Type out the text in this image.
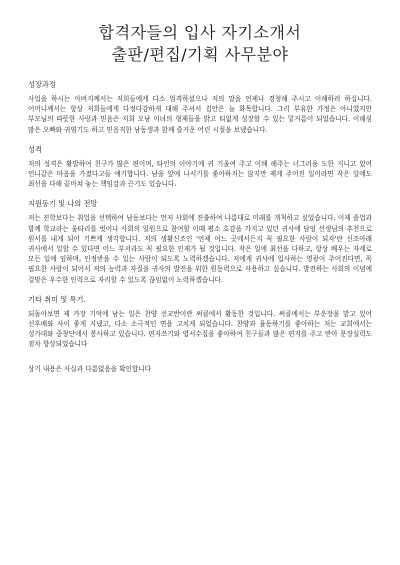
합격자들의 입사 자기소개서
출판/편집/기획 사무분야
성장과정

사업을 하시는 아버지께서는 저희들에게 다소 엄격하셨으나 저의 말을 언제나 경청해 주시고 이해하려 하십니다. 어머니께서는 항상 저희들에게 다정다감하게 대해 주셔서 집안은 늘 화목합니다. 그리 부유한 가정은 아니였지만 부모님의 따뜻한 사랑과 믿음은 저희 오남 이녀의 형제들을 밝고 티없게 성장할 수 있는 밑거름이 되었습니다. 이해심 많은 오빠와 귀염기도 하고 믿음직한 남동생과 함께 즐거운 어린 시절을 보냈습니다.

성격

저의 성격은 활발하여 친구가 많은 편이며, 타인의 이야기에 귀 기울여 주고 이해 해주는 너그러움 도한 지니고 있어 언니같은 마음을 가졌다고들 얘기합니다. 남을 앞에 나서기를 좋아하지는 않지만 제게 주어진 일이라면 작은 일에도 최선을 다해 끝마쳐 놓는 책임감과 끈기도 있습니다.

지원동기 및 나의 전망

저는 진학보다는 취업을 선택하여 남동보다는 먼저 사회에 진출하여 나름대로 미래를 개척하고 싶었습니다. 이제 졸업과 함께 학교라는 울타리를 벗어나 사회의 일원으로 참여할 이때 평소 호감을 가지고 있던 귀사에 담임 선생님의 추천으로 원서를 내게 되어 기쁘게 생각합니다. 저의 생활신조인 '언제 어느 곳에서든지 꼭 필요한 사람이 되자'란 신조아래 귀사에서 일할 수 있다면 어느 부서라도 꼭 필요한 인재가 될 것입니다. 작은 일에 최선을 다하고, 항상 배우는 자세로 모든 일에 임하며, 인정받을 수 있는 사람이 되도록 노력하겠습니다. 저에게 귀사에 입사하는 영광이 주어진다면, 꼭 필요한 사람이 되어서 저의 능력과 자질을 귀사의 발전을 위한 원동력으로 사용하고 싶습니다. 발전하는 사회의 이념에 걸맞은 우수한 인력으로 자리할 수 있도록 끊임없이 노력하겠습니다.

기타 취미 및 특기.

되돌아보면 제 가장 기억에 남는 일은 찬양 선교반이란 써클에서 활동한 것입니다. 써클에서는 부운장을 맡고 있어 선후배와 사이 좋게 지냈고, 다소 소극적인 면을 고치게 되었습니다. 찬양과 율동하기를 좋아하는 저는 교회에서는 성가대와 중창단에서 봉사하고 있습니다. 편지쓰기와 엽서수집을 좋아하여 친구들과 많은 편지를 주고 받아 문장실력도 점차 향상되었습니다

상기 내용은 사실과 다름없음을 확인합니다
